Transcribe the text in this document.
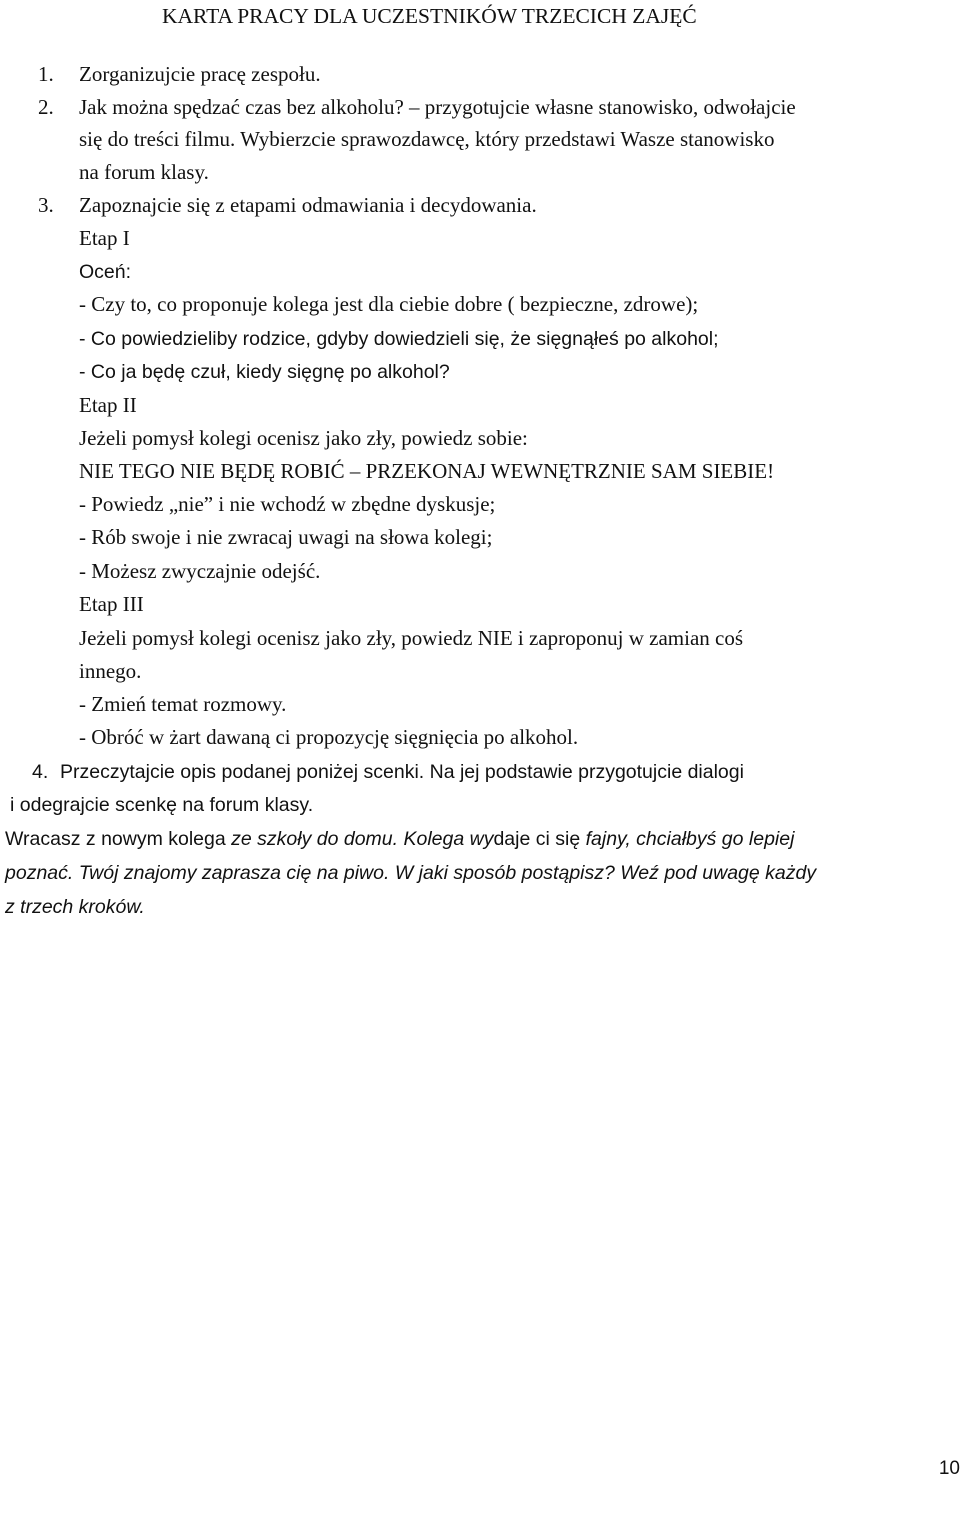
KARTA PRACY DLA UCZESTNIKÓW TRZECICH ZAJĘĆ
1. Zorganizujcie pracę zespołu.
2. Jak można spędzać czas bez alkoholu? – przygotujcie własne stanowisko, odwołajcie
się do treści filmu. Wybierzcie sprawozdawcę, który przedstawi Wasze stanowisko
na forum klasy.
3. Zapoznajcie się z etapami odmawiania i decydowania.
Etap I
Oceń:
- Czy to, co proponuje kolega jest dla ciebie dobre ( bezpieczne, zdrowe);
- Co powiedzieliby rodzice, gdyby dowiedzieli się, że sięgnąłeś po alkohol;
- Co ja będę czuł, kiedy sięgnę po alkohol?
Etap II
Jeżeli pomysł kolegi ocenisz jako zły, powiedz sobie:
NIE TEGO NIE BĘDĘ ROBIĆ – PRZEKONAJ WEWNĘTRZNIE SAM SIEBIE!
- Powiedz „nie” i nie wchodź w zbędne dyskusje;
- Rób swoje i nie zwracaj uwagi na słowa kolegi;
- Możesz zwyczajnie odejść.
Etap III
Jeżeli pomysł kolegi ocenisz jako zły, powiedz NIE i zaproponuj w zamian coś
innego.
- Zmień temat rozmowy.
- Obróć w żart dawaną ci propozycję sięgnięcia po alkohol.
4. Przeczytajcie opis podanej poniżej scenki. Na jej podstawie przygotujcie dialogi
i odegrajcie scenkę na forum klasy.
Wracasz z nowym kolega ze szkoły do domu. Kolega wydaje ci się fajny, chciałbyś go lepiej
poznać. Twój znajomy zaprasza cię na piwo. W jaki sposób postąpisz? Weź pod uwagę każdy
z trzech kroków.
10
